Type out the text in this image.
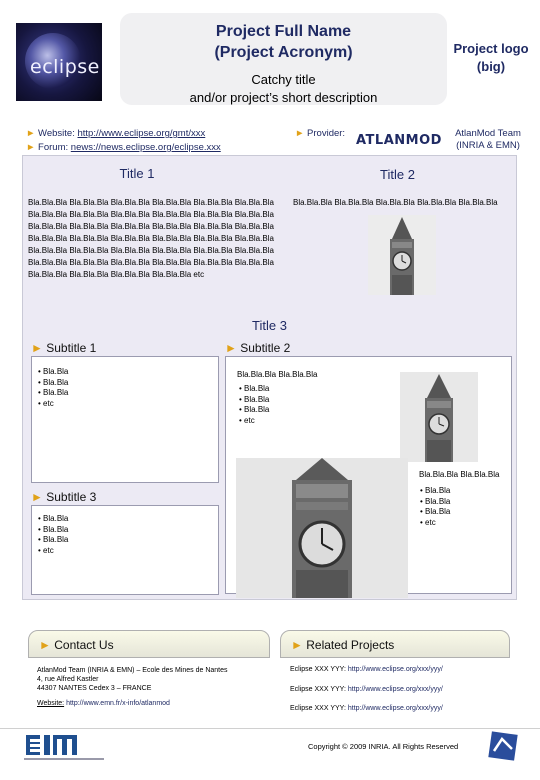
eclipse
Project Full Name
(Project Acronym)
Catchy title
and/or project’s short description
Project logo
(big)
► Website: http://www.eclipse.org/gmt/xxx
► Forum: news://news.eclipse.org/eclipse.xxx
► Provider: ATLANMOD	AtlanMod Team
(INRIA & EMN)
Title 1
Bla.Bla.Bla Bla.Bla.Bla Bla.Bla.Bla Bla.Bla.Bla Bla.Bla.Bla Bla.Bla.Bla Bla.Bla.Bla Bla.Bla.Bla Bla.Bla.Bla Bla.Bla.Bla Bla.Bla.Bla Bla.Bla.Bla Bla.Bla.Bla Bla.Bla.Bla Bla.Bla.Bla Bla.Bla.Bla Bla.Bla.Bla Bla.Bla.Bla Bla.Bla.Bla Bla.Bla.Bla Bla.Bla.Bla Bla.Bla.Bla Bla.Bla.Bla Bla.Bla.Bla Bla.Bla.Bla Bla.Bla.Bla Bla.Bla.Bla Bla.Bla.Bla Bla.Bla.Bla Bla.Bla.Bla Bla.Bla.Bla Bla.Bla.Bla Bla.Bla.Bla Bla.Bla.Bla Bla.Bla.Bla Bla.Bla.Bla Bla.Bla.Bla Bla.Bla.Bla Bla.Bla.Bla Bla.Bla.Bla etc
Title 2
Bla.Bla.Bla Bla.Bla.Bla Bla.Bla.Bla Bla.Bla.Bla Bla.Bla.Bla
Title 3
► Subtitle 1
• Bla.Bla
• Bla.Bla
• Bla.Bla
• etc
► Subtitle 2
Bla.Bla.Bla Bla.Bla.Bla
• Bla.Bla
• Bla.Bla
• Bla.Bla
• etc
Bla.Bla.Bla Bla.Bla.Bla
• Bla.Bla
• Bla.Bla
• Bla.Bla
• etc
► Subtitle 3
• Bla.Bla
• Bla.Bla
• Bla.Bla
• etc
► Contact Us
AtlanMod Team (INRIA & EMN) – Ecole des Mines de Nantes
4, rue Alfred Kastler
44307 NANTES Cedex 3 – FRANCE
Website: http://www.emn.fr/x-info/atlanmod
► Related Projects
Eclipse XXX YYY: http://www.eclipse.org/xxx/yyy/
Eclipse XXX YYY: http://www.eclipse.org/xxx/yyy/
Eclipse XXX YYY: http://www.eclipse.org/xxx/yyy/
Copyright © 2009 INRIA. All Rights Reserved
